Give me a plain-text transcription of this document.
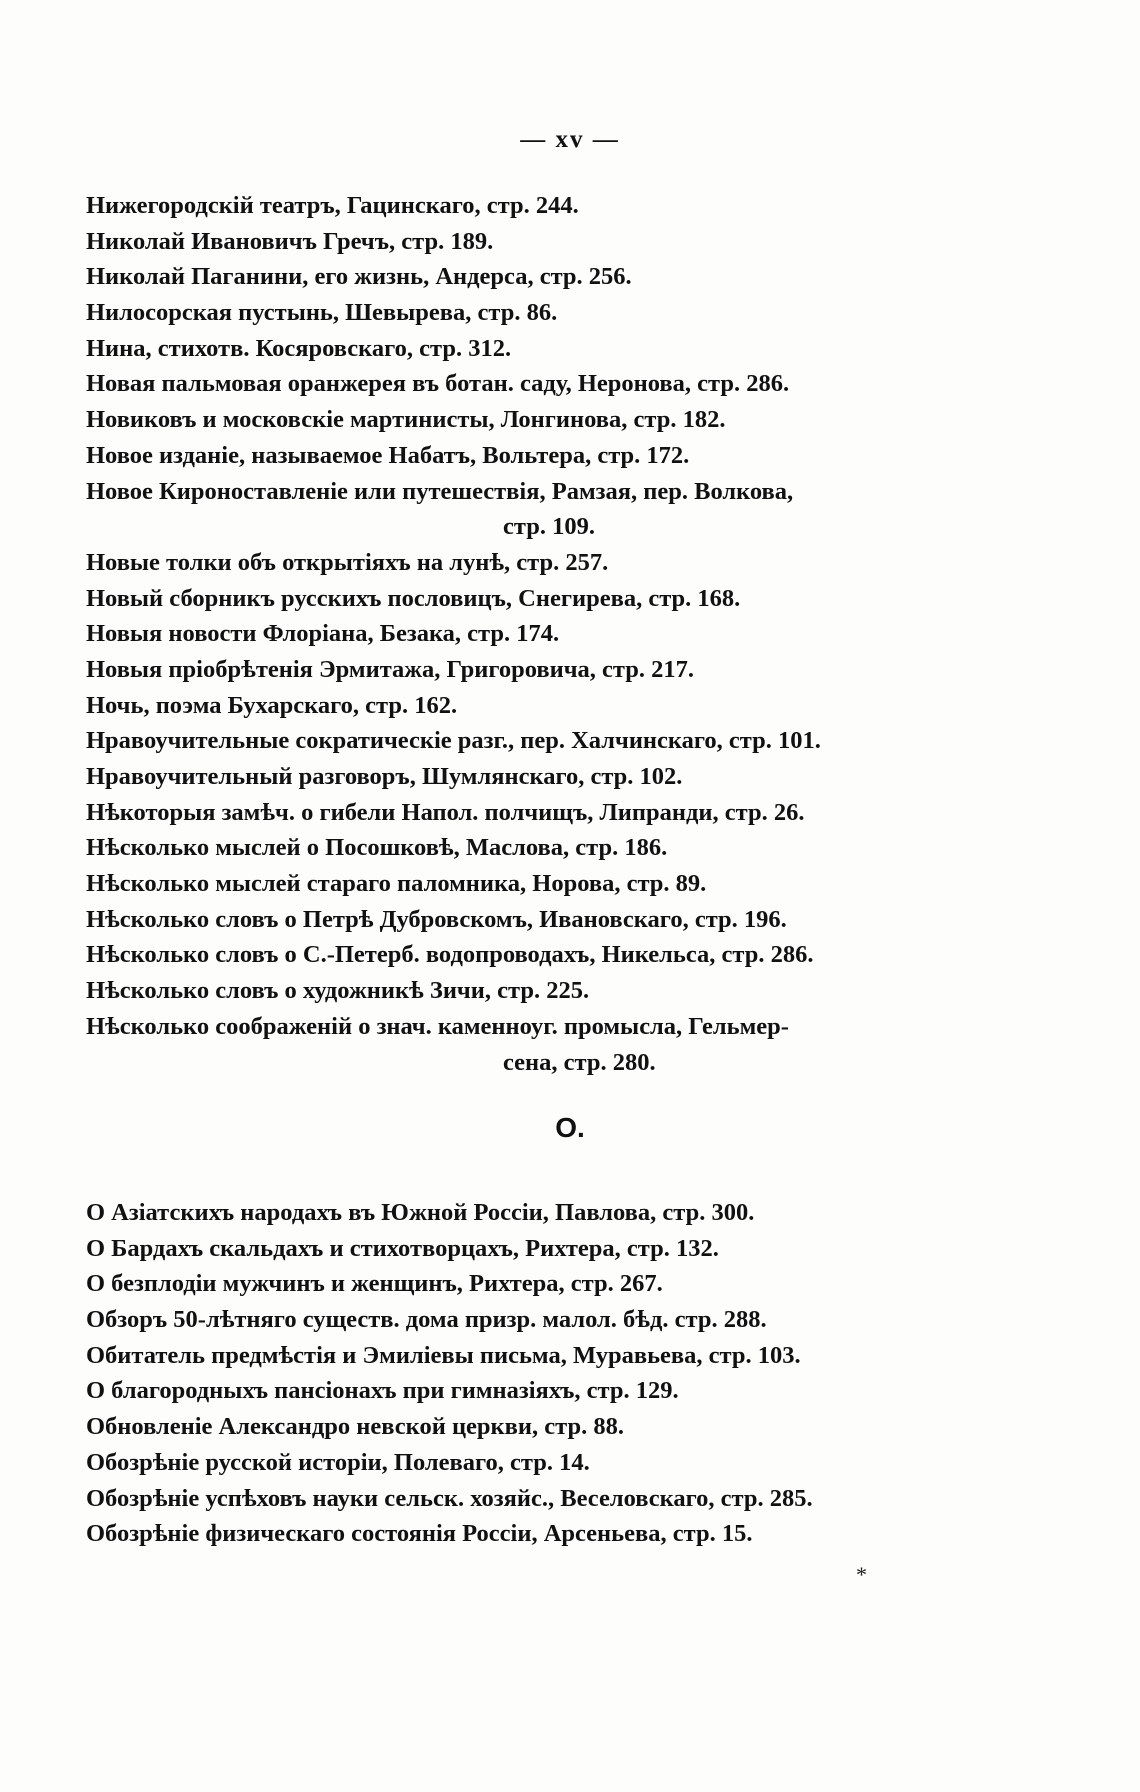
— xv —
Нижегородскій театръ, Гацинскаго, стр. 244.
Николай Ивановичъ Гречъ, стр. 189.
Николай Паганини, его жизнь, Андерса, стр. 256.
Нилосорская пустынь, Шевырева, стр. 86.
Нина, стихотв. Косяровскаго, стр. 312.
Новая пальмовая оранжерея въ ботан. саду, Неронова, стр. 286.
Новиковъ и московскіе мартинисты, Лонгинова, стр. 182.
Новое изданіе, называемое Набатъ, Вольтера, стр. 172.
Новое Кироноставленіе или путешествія, Рамзая, пер. Волкова,
стр. 109.
Новые толки объ открытіяхъ на лунѣ, стр. 257.
Новый сборникъ русскихъ пословицъ, Снегирева, стр. 168.
Новыя новости Флоріана, Безака, стр. 174.
Новыя пріобрѣтенія Эрмитажа, Григоровича, стр. 217.
Ночь, поэма Бухарскаго, стр. 162.
Нравоучительные сократическіе разг., пер. Халчинскаго, стр. 101.
Нравоучительный разговоръ, Шумлянскаго, стр. 102.
Нѣкоторыя замѣч. о гибели Напол. полчищъ, Липранди, стр. 26.
Нѣсколько мыслей о Посошковѣ, Маслова, стр. 186.
Нѣсколько мыслей стараго паломника, Норова, стр. 89.
Нѣсколько словъ о Петрѣ Дубровскомъ, Ивановскаго, стр. 196.
Нѣсколько словъ о С.-Петерб. водопроводахъ, Никельса, стр. 286.
Нѣсколько словъ о художникѣ Зичи, стр. 225.
Нѣсколько соображеній о знач. каменноуг. промысла, Гельмер-
сена, стр. 280.
О.
О Азіатскихъ народахъ въ Южной Россіи, Павлова, стр. 300.
О Бардахъ скальдахъ и стихотворцахъ, Рихтера, стр. 132.
О безплодіи мужчинъ и женщинъ, Рихтера, стр. 267.
Обзоръ 50-лѣтняго существ. дома призр. малол. бѣд. стр. 288.
Обитатель предмѣстія и Эмиліевы письма, Муравьева, стр. 103.
О благородныхъ пансіонахъ при гимназіяхъ, стр. 129.
Обновленіе Александро невской церкви, стр. 88.
Обозрѣніе русской исторіи, Полеваго, стр. 14.
Обозрѣніе успѣховъ науки сельск. хозяйс., Веселовскаго, стр. 285.
Обозрѣніе физическаго состоянія Россіи, Арсеньева, стр. 15.
*
